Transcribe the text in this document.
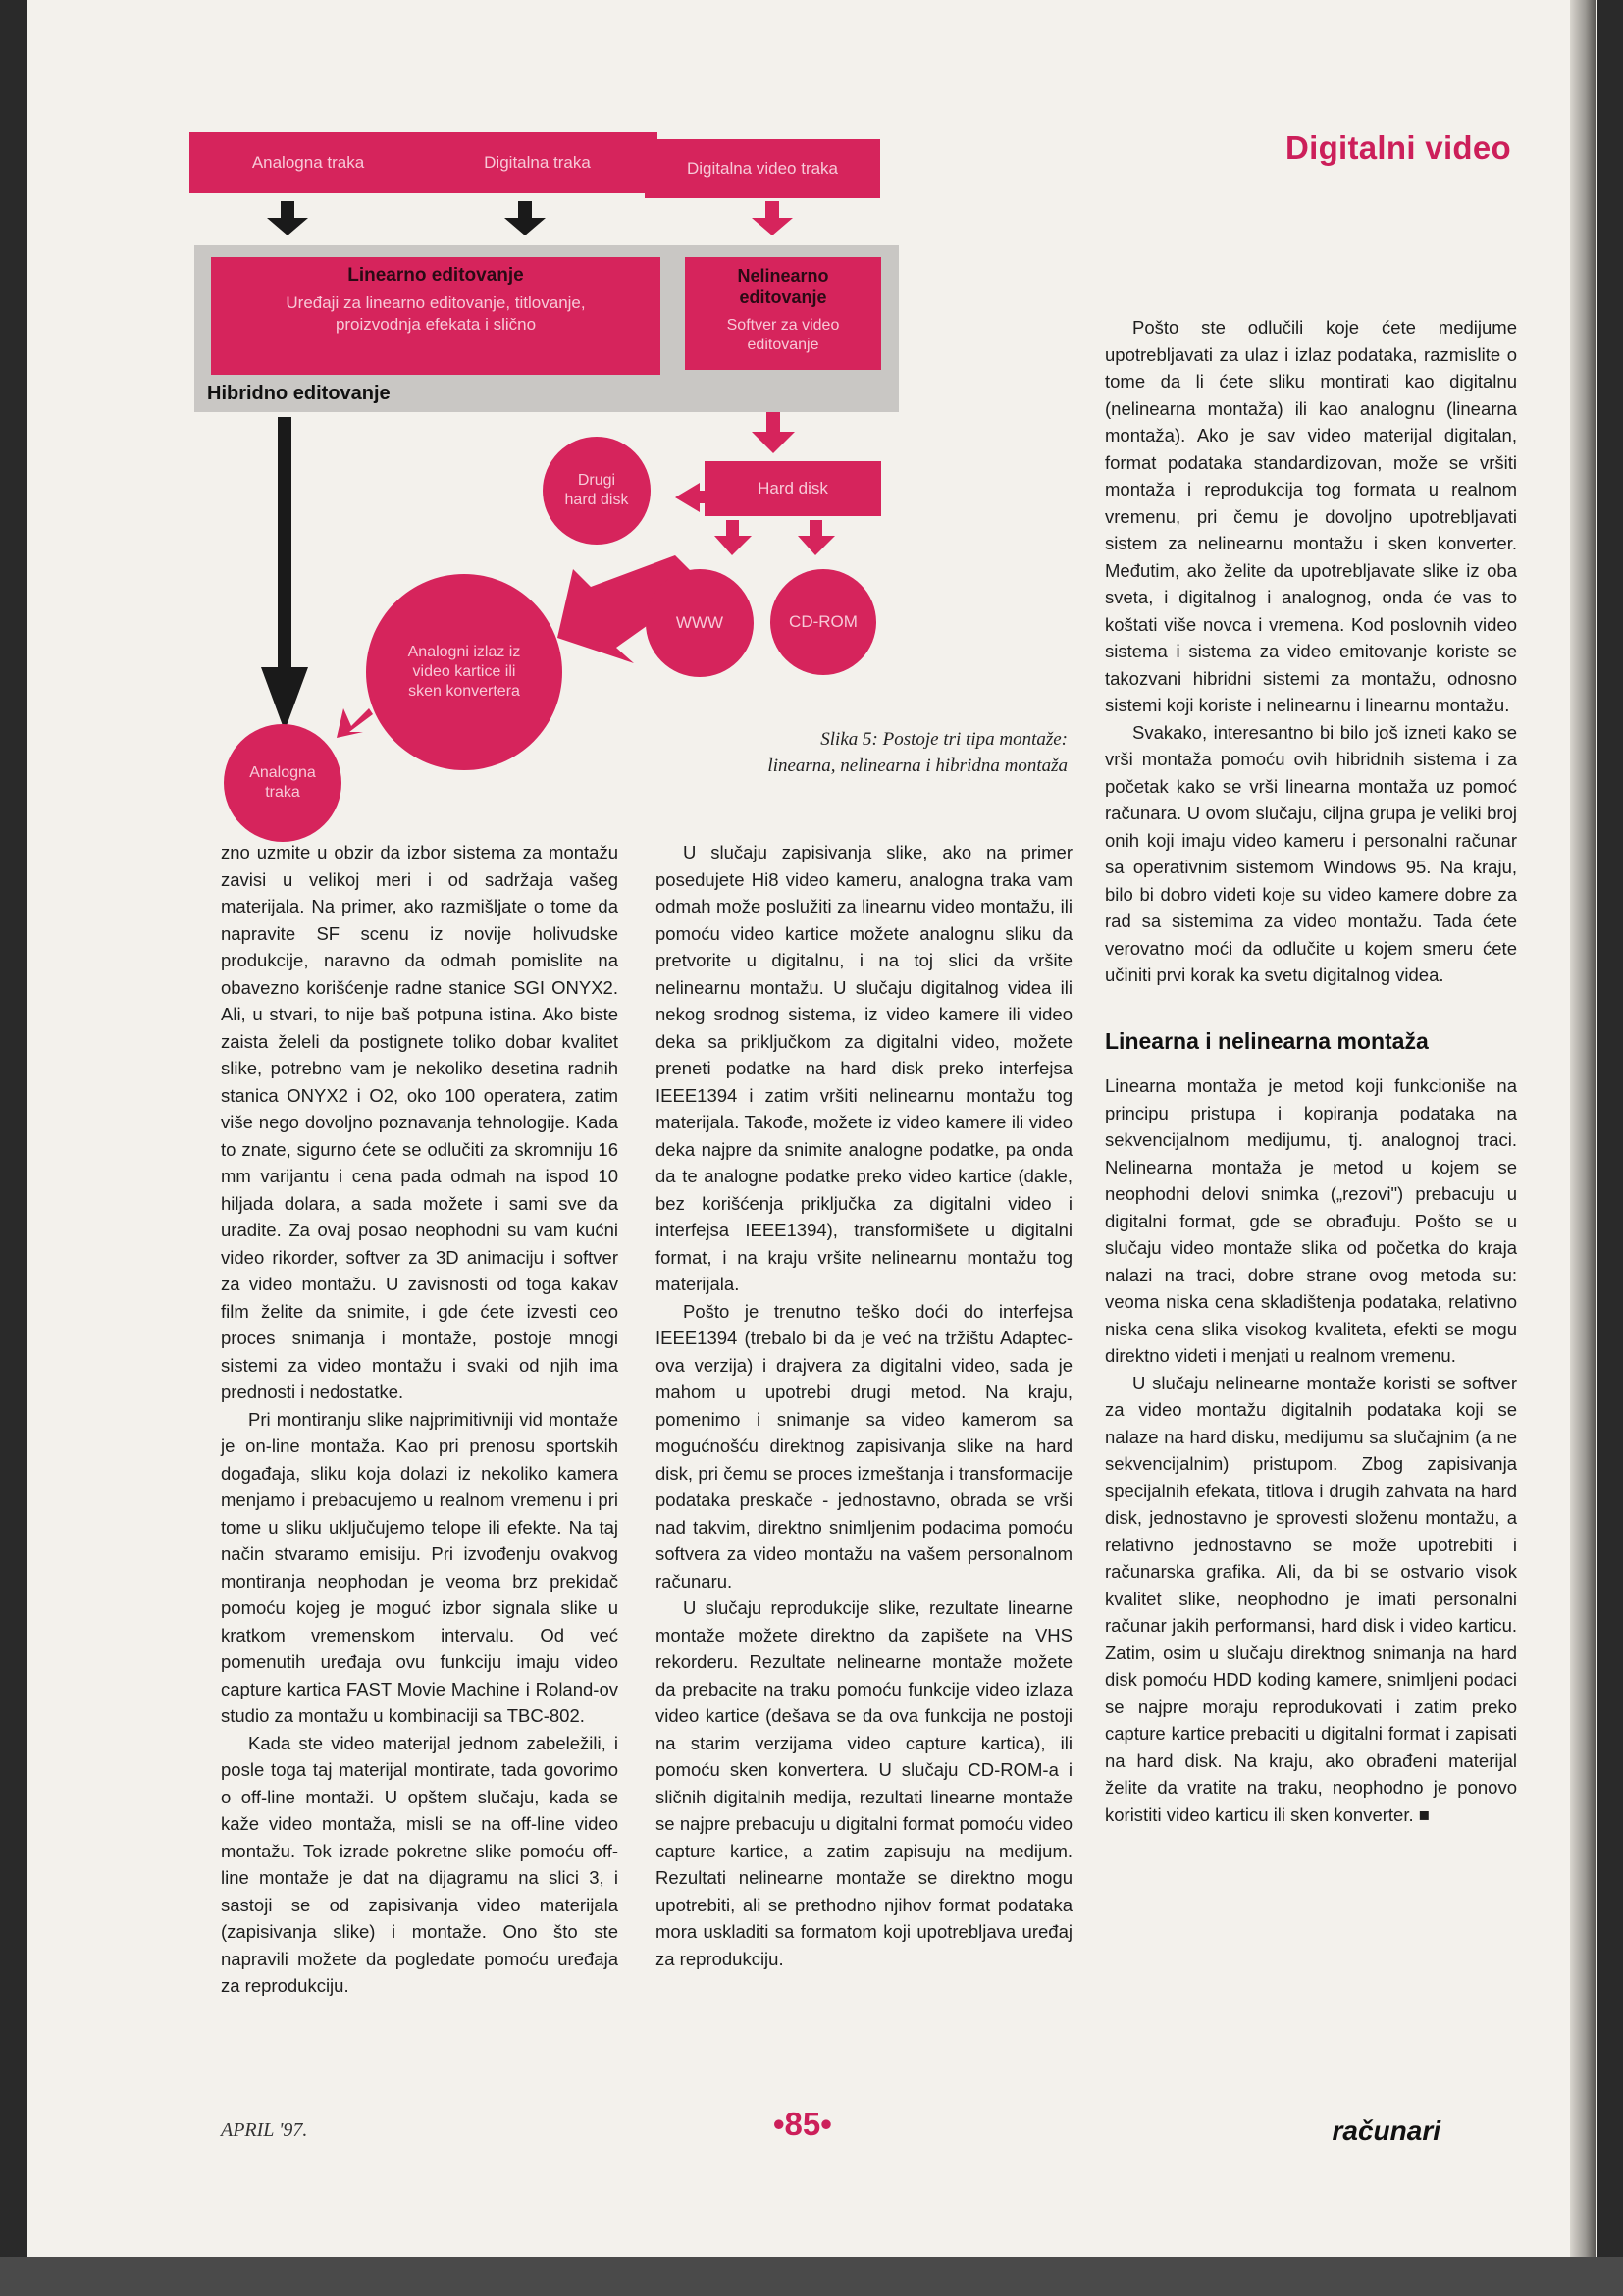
Digitalni video
Analogna traka	Digitalna traka	Digitalna video traka
Linearno editovanje
Uređaji za linearno editovanje, titlovanje, proizvodnja efekata i slično
Nelinearno editovanje
Softver za video editovanje
Hibridno editovanje
Hard disk
Drugi hard disk
WWW	CD-ROM
Analogni izlaz iz video kartice ili sken konvertera
Analogna traka
Slika 5: Postoje tri tipa montaže: linearna, nelinearna i hibridna montaža

zno uzmite u obzir da izbor sistema za montažu zavisi u velikoj meri i od sadržaja vašeg materijala. Na primer, ako razmišljate o tome da napravite SF scenu iz novije holivudske produkcije, naravno da odmah pomislite na obavezno korišćenje radne stanice SGI ONYX2. Ali, u stvari, to nije baš potpuna istina. Ako biste zaista želeli da postignete toliko dobar kvalitet slike, potrebno vam je nekoliko desetina radnih stanica ONYX2 i O2, oko 100 operatera, zatim više nego dovoljno poznavanja tehnologije. Kada to znate, sigurno ćete se odlučiti za skromniju 16 mm varijantu i cena pada odmah na ispod 10 hiljada dolara, a sada možete i sami sve da uradite. Za ovaj posao neophodni su vam kućni video rikorder, softver za 3D animaciju i softver za video montažu. U zavisnosti od toga kakav film želite da snimite, i gde ćete izvesti ceo proces snimanja i montaže, postoje mnogi sistemi za video montažu i svaki od njih ima prednosti i nedostatke.

Pri montiranju slike najprimitivniji vid montaže je on-line montaža. Kao pri prenosu sportskih događaja, sliku koja dolazi iz nekoliko kamera menjamo i prebacujemo u realnom vremenu i pri tome u sliku uključujemo telope ili efekte. Na taj način stvaramo emisiju. Pri izvođenju ovakvog montiranja neophodan je veoma brz prekidač pomoću kojeg je moguć izbor signala slike u kratkom vremenskom intervalu. Od već pomenutih uređaja ovu funkciju imaju video capture kartica FAST Movie Machine i Roland-ov studio za montažu u kombinaciji sa TBC-802.

Kada ste video materijal jednom zabeležili, i posle toga taj materijal montirate, tada govorimo o off-line montaži. U opštem slučaju, kada se kaže video montaža, misli se na off-line video montažu. Tok izrade pokretne slike pomoću off-line montaže je dat na dijagramu na slici 3, i sastoji se od zapisivanja video materijala (zapisivanja slike) i montaže. Ono što ste napravili možete da pogledate pomoću uređaja za reprodukciju.

U slučaju zapisivanja slike, ako na primer posedujete Hi8 video kameru, analogna traka vam odmah može poslužiti za linearnu video montažu, ili pomoću video kartice možete analognu sliku da pretvorite u digitalnu, i na toj slici da vršite nelinearnu montažu. U slučaju digitalnog videa ili nekog srodnog sistema, iz video kamere ili video deka sa priključkom za digitalni video, možete preneti podatke na hard disk preko interfejsa IEEE1394 i zatim vršiti nelinearnu montažu tog materijala. Takođe, možete iz video kamere ili video deka najpre da snimite analogne podatke, pa onda da te analogne podatke preko video kartice (dakle, bez korišćenja priključka za digitalni video i interfejsa IEEE1394), transformišete u digitalni format, i na kraju vršite nelinearnu montažu tog materijala.

Pošto je trenutno teško doći do interfejsa IEEE1394 (trebalo bi da je već na tržištu Adaptec-ova verzija) i drajvera za digitalni video, sada je mahom u upotrebi drugi metod. Na kraju, pomenimo i snimanje sa video kamerom sa mogućnošću direktnog zapisivanja slike na hard disk, pri čemu se proces izmeštanja i transformacije podataka preskače - jednostavno, obrada se vrši nad takvim, direktno snimljenim podacima pomoću softvera za video montažu na vašem personalnom računaru.

U slučaju reprodukcije slike, rezultate linearne montaže možete direktno da zapišete na VHS rekorderu. Rezultate nelinearne montaže možete da prebacite na traku pomoću funkcije video izlaza video kartice (dešava se da ova funkcija ne postoji na starim verzijama video capture kartica), ili pomoću sken konvertera. U slučaju CD-ROM-a i sličnih digitalnih medija, rezultati linearne montaže se najpre prebacuju u digitalni format pomoću video capture kartice, a zatim zapisuju na medijum. Rezultati nelinearne montaže se direktno mogu upotrebiti, ali se prethodno njihov format podataka mora uskladiti sa formatom koji upotrebljava uređaj za reprodukciju.

Pošto ste odlučili koje ćete medijume upotrebljavati za ulaz i izlaz podataka, razmislite o tome da li ćete sliku montirati kao digitalnu (nelinearna montaža) ili kao analognu (linearna montaža). Ako je sav video materijal digitalan, format podataka standardizovan, može se vršiti montaža i reprodukcija tog formata u realnom vremenu, pri čemu je dovoljno upotrebljavati sistem za nelinearnu montažu i sken konverter. Međutim, ako želite da upotrebljavate slike iz oba sveta, i digitalnog i analognog, onda će vas to koštati više novca i vremena. Kod poslovnih video sistema i sistema za video emitovanje koriste se takozvani hibridni sistemi za montažu, odnosno sistemi koji koriste i nelinearnu i linearnu montažu.

Svakako, interesantno bi bilo još izneti kako se vrši montaža pomoću ovih hibridnih sistema i za početak kako se vrši linearna montaža uz pomoć računara. U ovom slučaju, ciljna grupa je veliki broj onih koji imaju video kameru i personalni računar sa operativnim sistemom Windows 95. Na kraju, bilo bi dobro videti koje su video kamere dobre za rad sa sistemima za video montažu. Tada ćete verovatno moći da odlučite u kojem smeru ćete učiniti prvi korak ka svetu digitalnog videa.

Linearna i nelinearna montaža

Linearna montaža je metod koji funkcioniše na principu pristupa i kopiranja podataka na sekvencijalnom medijumu, tj. analognoj traci. Nelinearna montaža je metod u kojem se neophodni delovi snimka („rezovi") prebacuju u digitalni format, gde se obrađuju. Pošto se u slučaju video montaže slika od početka do kraja nalazi na traci, dobre strane ovog metoda su: veoma niska cena skladištenja podataka, relativno niska cena slika visokog kvaliteta, efekti se mogu direktno videti i menjati u realnom vremenu.

U slučaju nelinearne montaže koristi se softver za video montažu digitalnih podataka koji se nalaze na hard disku, medijumu sa slučajnim (a ne sekvencijalnim) pristupom. Zbog zapisivanja specijalnih efekata, titlova i drugih zahvata na hard disk, jednostavno je sprovesti složenu montažu, a relativno jednostavno se može upotrebiti i računarska grafika. Ali, da bi se ostvario visok kvalitet slike, neophodno je imati personalni računar jakih performansi, hard disk i video karticu. Zatim, osim u slučaju direktnog snimanja na hard disk pomoću HDD koding kamere, snimljeni podaci se najpre moraju reprodukovati i zatim preko capture kartice prebaciti u digitalni format i zapisati na hard disk. Na kraju, ako obrađeni materijal želite da vratite na traku, neophodno je ponovo koristiti video karticu ili sken konverter. ■

APRIL '97.	•85•	računari
